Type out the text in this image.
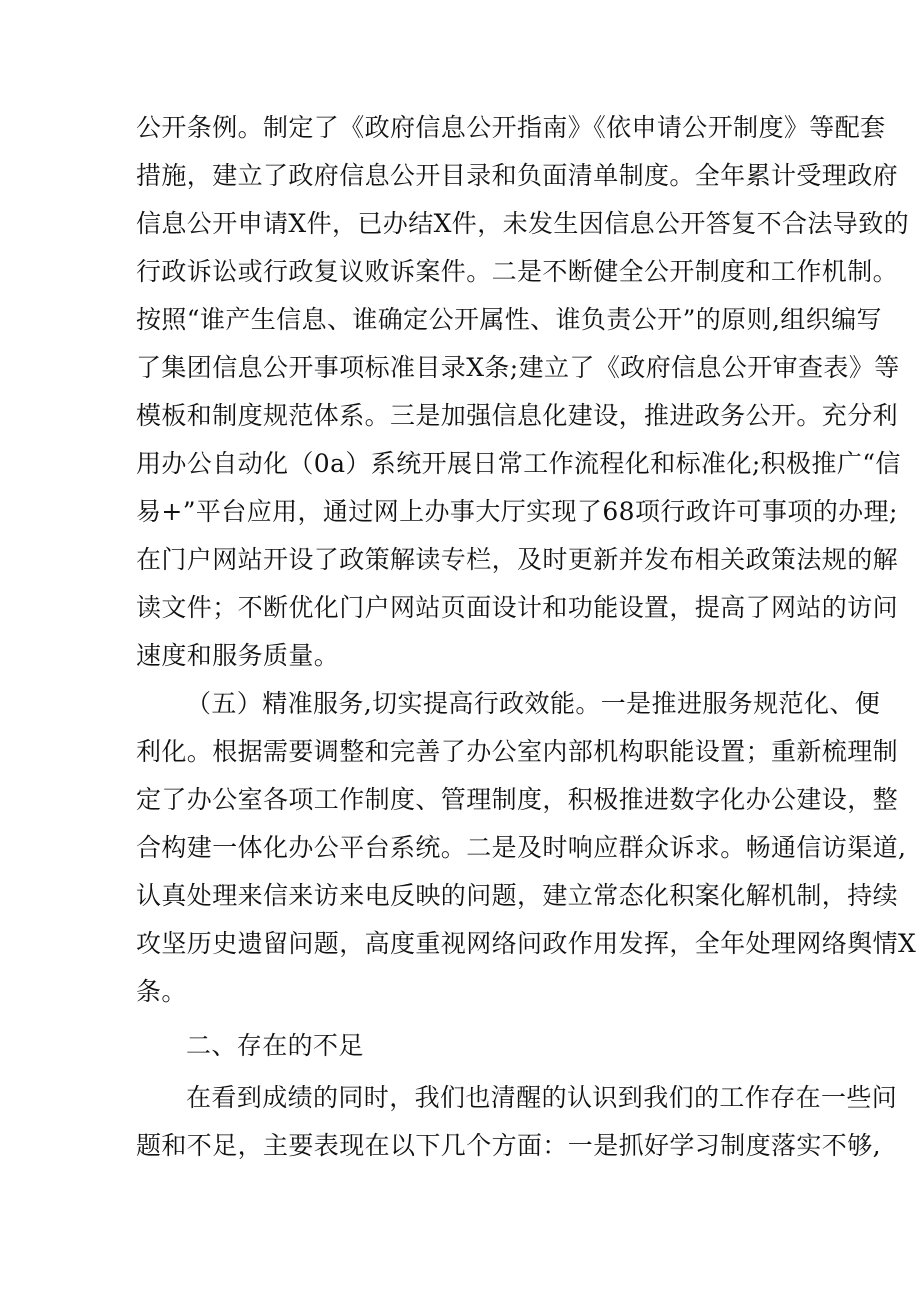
公开条例。制定了《政府信息公开指南》《依申请公开制度》等配套
措施，建立了政府信息公开目录和负面清单制度。全年累计受理政府
信息公开申请X件，已办结X件，未发生因信息公开答复不合法导致的
行政诉讼或行政复议败诉案件。二是不断健全公开制度和工作机制。
按照“谁产生信息、谁确定公开属性、谁负责公开”的原则,组织编写
了集团信息公开事项标准目录X条;建立了《政府信息公开审查表》等
模板和制度规范体系。三是加强信息化建设，推进政务公开。充分利
用办公自动化（0a）系统开展日常工作流程化和标准化;积极推广“信
易+”平台应用，通过网上办事大厅实现了68项行政许可事项的办理;
在门户网站开设了政策解读专栏，及时更新并发布相关政策法规的解
读文件；不断优化门户网站页面设计和功能设置，提高了网站的访问
速度和服务质量。
（五）精准服务,切实提高行政效能。一是推进服务规范化、便
利化。根据需要调整和完善了办公室内部机构职能设置；重新梳理制
定了办公室各项工作制度、管理制度，积极推进数字化办公建设，整
合构建一体化办公平台系统。二是及时响应群众诉求。畅通信访渠道,
认真处理来信来访来电反映的问题，建立常态化积案化解机制，持续
攻坚历史遗留问题，高度重视网络问政作用发挥，全年处理网络舆情X
条。
二、存在的不足
在看到成绩的同时，我们也清醒的认识到我们的工作存在一些问
题和不足，主要表现在以下几个方面：一是抓好学习制度落实不够,
